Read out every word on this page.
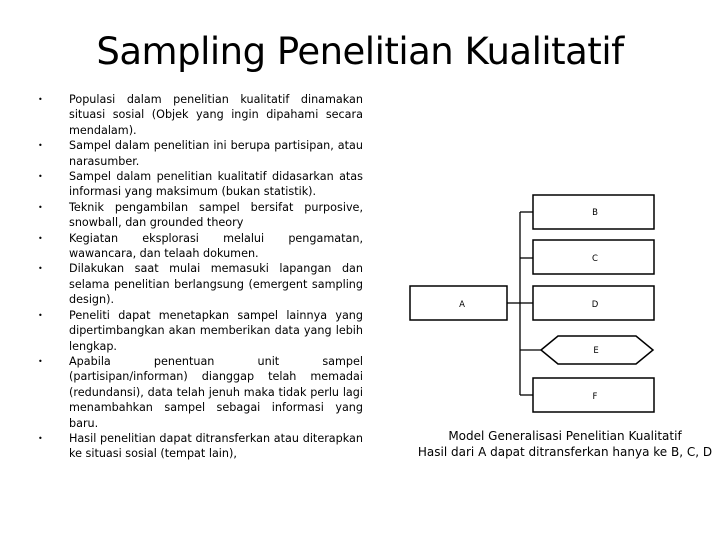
Sampling Penelitian Kualitatif
• Populasi dalam penelitian kualitatif dinamakan situasi sosial (Objek yang ingin dipahami secara mendalam).
• Sampel dalam penelitian ini berupa partisipan, atau narasumber.
• Sampel dalam penelitian kualitatif didasarkan atas informasi yang maksimum (bukan statistik).
• Teknik pengambilan sampel bersifat purposive, snowball, dan grounded theory
• Kegiatan eksplorasi melalui pengamatan, wawancara, dan telaah dokumen.
• Dilakukan saat mulai memasuki lapangan dan selama penelitian berlangsung (emergent sampling design).
• Peneliti dapat menetapkan sampel lainnya yang dipertimbangkan akan memberikan data yang lebih lengkap.
• Apabila penentuan unit sampel (partisipan/informan) dianggap telah memadai (redundansi), data telah jenuh maka tidak perlu lagi menambahkan sampel sebagai informasi yang baru.
• Hasil penelitian dapat ditransferkan atau diterapkan ke situasi sosial (tempat lain),
A
B
C
D
E
F
Model Generalisasi Penelitian Kualitatif
Hasil dari A dapat ditransferkan hanya ke B, C, D
